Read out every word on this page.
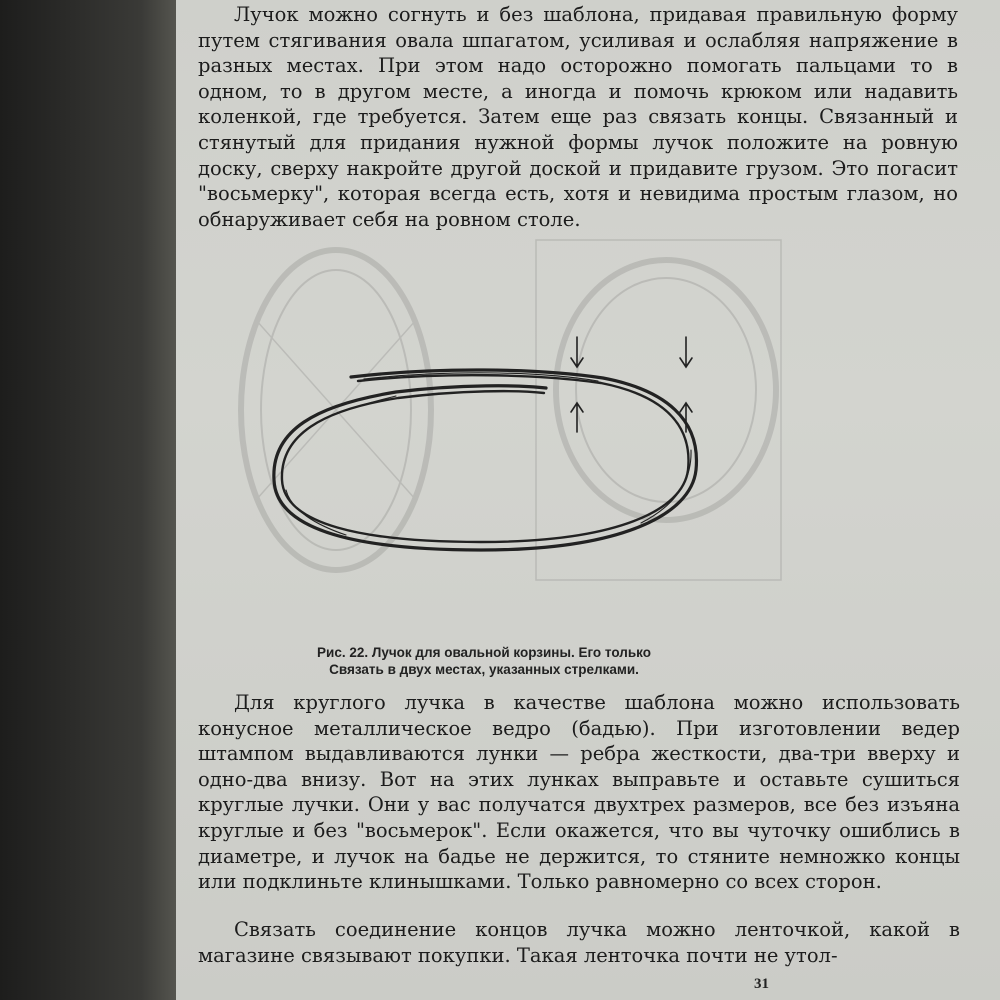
Лучок можно согнуть и без шаблона, придавая правильную форму путем стягивания овала шпагатом, усиливая и ослабляя напряжение в разных местах. При этом надо осторожно помогать пальцами то в одном, то в другом месте, а иногда и помочь крюком или надавить коленкой, где требуется. Затем еще раз связать концы. Связанный и стянутый для придания нужной формы лучок положите на ровную доску, сверху накройте другой доской и придавите грузом. Это погасит "восьмерку", которая всегда есть, хотя и невидима простым глазом, но обнаруживает себя на ровном столе.

Рис. 22. Лучок для овальной корзины. Его только
Связать в двух местах, указанных стрелками.

Для круглого лучка в качестве шаблона можно использовать конусное металлическое ведро (бадью). При изготовлении ведер штампом выдавливаются лунки — ребра жесткости, два-три вверху и одно-два внизу. Вот на этих лунках выправьте и оставьте сушиться круглые лучки. Они у вас получатся двухтрех размеров, все без изъяна круглые и без "восьмерок". Если окажется, что вы чуточку ошиблись в диаметре, и лучок на бадье не держится, то стяните немножко концы или подклиньте клинышками. Только равномерно со всех сторон.

Связать соединение концов лучка можно ленточкой, какой в магазине связывают покупки. Такая ленточка почти не утол-

31
